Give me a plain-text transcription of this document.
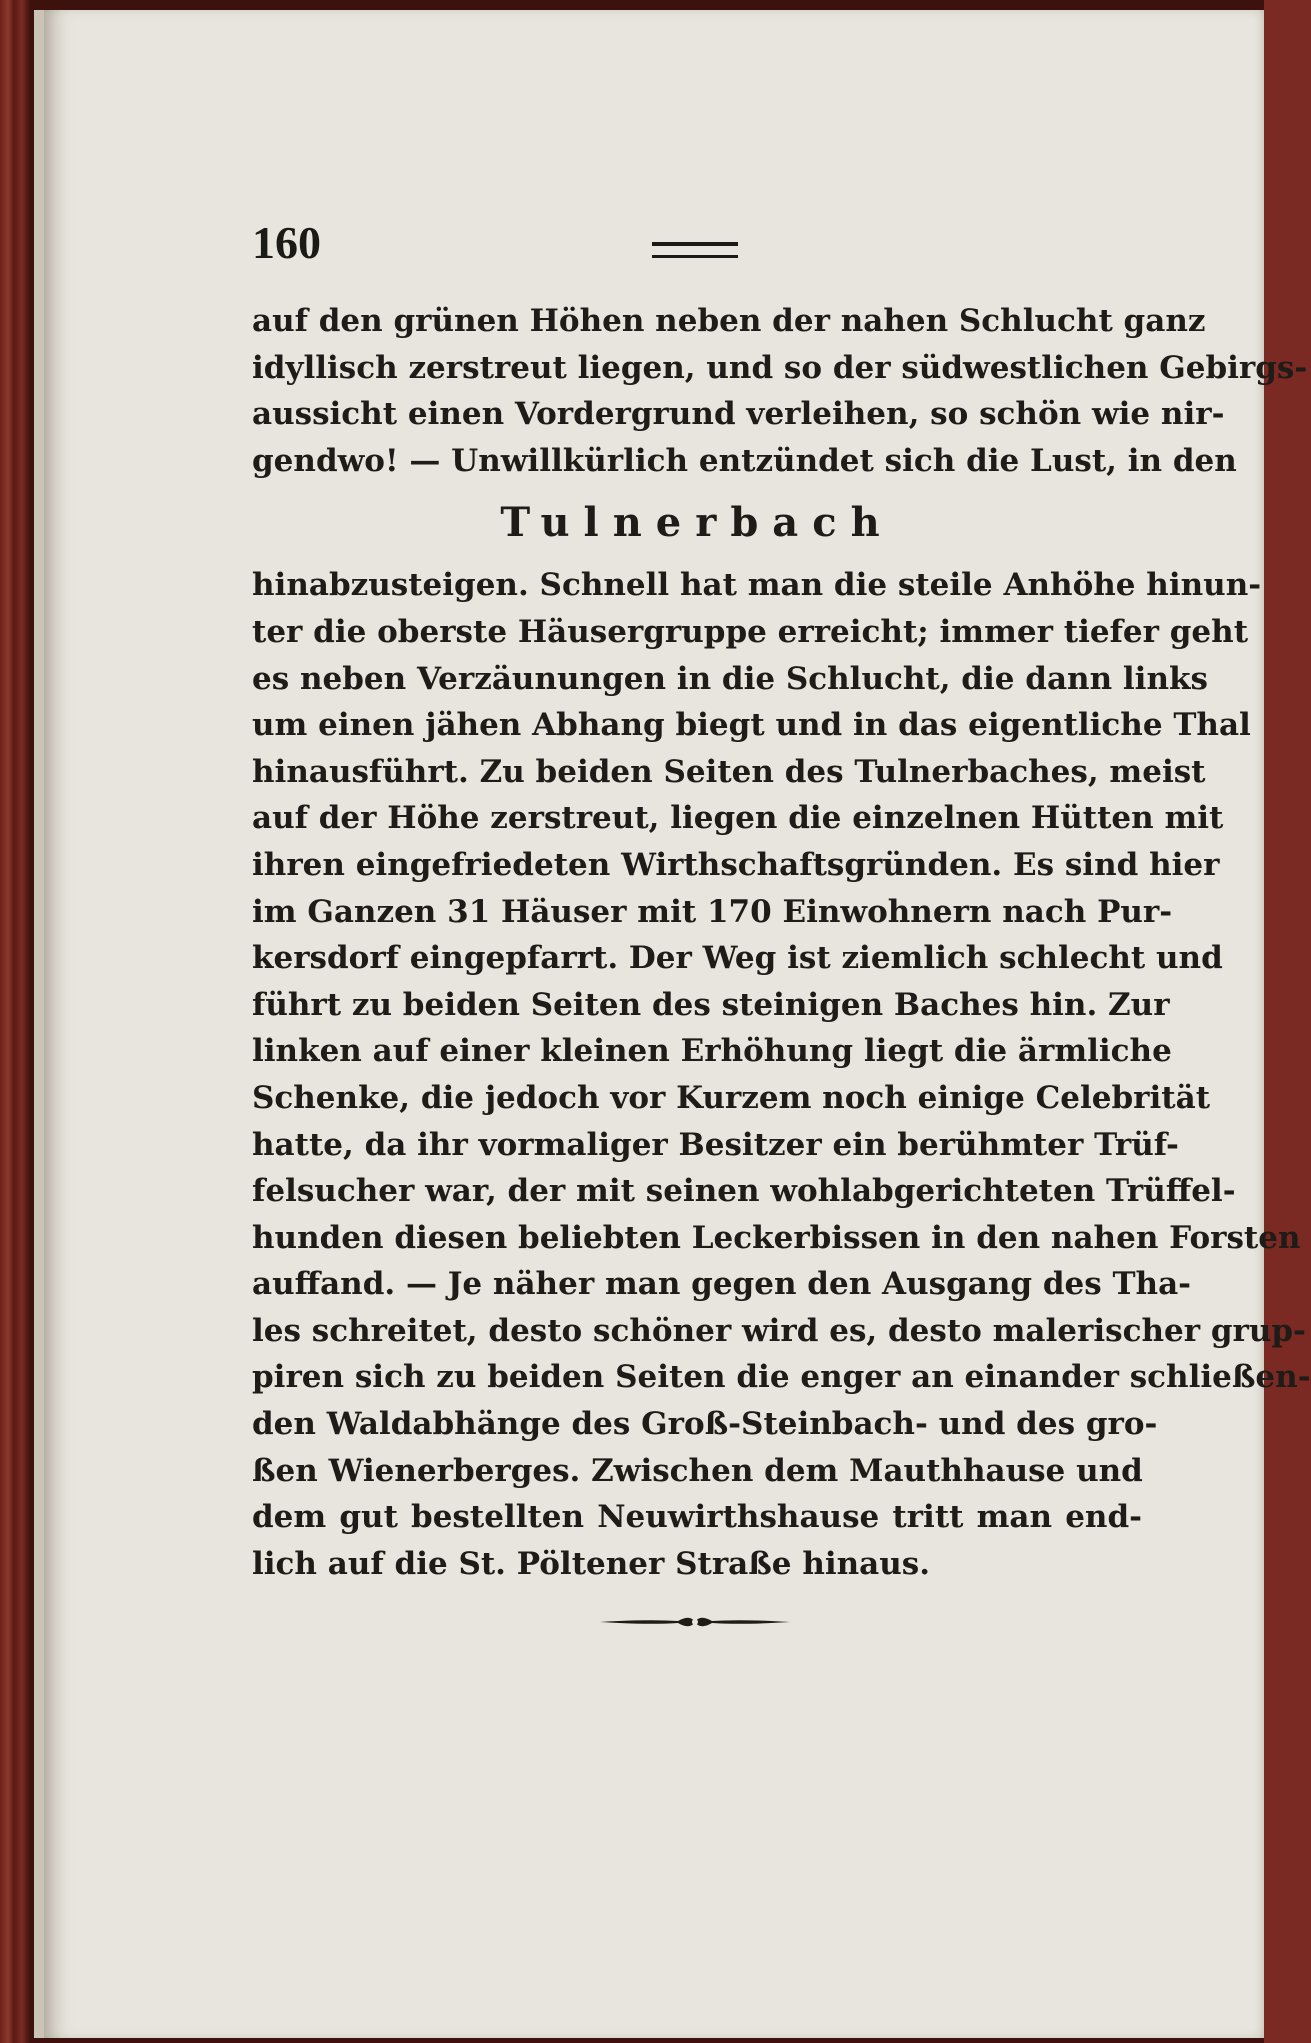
160
auf den grünen Höhen neben der nahen Schlucht ganz
idyllisch zerstreut liegen, und so der südwestlichen Gebirgs-
aussicht einen Vordergrund verleihen, so schön wie nir-
gendwo! — Unwillkürlich entzündet sich die Lust, in den
Tulnerbach
hinabzusteigen. Schnell hat man die steile Anhöhe hinun-
ter die oberste Häusergruppe erreicht; immer tiefer geht
es neben Verzäunungen in die Schlucht, die dann links
um einen jähen Abhang biegt und in das eigentliche Thal
hinausführt. Zu beiden Seiten des Tulnerbaches, meist
auf der Höhe zerstreut, liegen die einzelnen Hütten mit
ihren eingefriedeten Wirthschaftsgründen. Es sind hier
im Ganzen 31 Häuser mit 170 Einwohnern nach Pur-
kersdorf eingepfarrt. Der Weg ist ziemlich schlecht und
führt zu beiden Seiten des steinigen Baches hin. Zur
linken auf einer kleinen Erhöhung liegt die ärmliche
Schenke, die jedoch vor Kurzem noch einige Celebrität
hatte, da ihr vormaliger Besitzer ein berühmter Trüf-
felsucher war, der mit seinen wohlabgerichteten Trüffel-
hunden diesen beliebten Leckerbissen in den nahen Forsten
auffand. — Je näher man gegen den Ausgang des Tha-
les schreitet, desto schöner wird es, desto malerischer grup-
piren sich zu beiden Seiten die enger an einander schließen-
den Waldabhänge des Groß-Steinbach- und des gro-
ßen Wienerberges. Zwischen dem Mauthhause und
dem gut bestellten Neuwirthshause tritt man end-
lich auf die St. Pöltener Straße hinaus.
